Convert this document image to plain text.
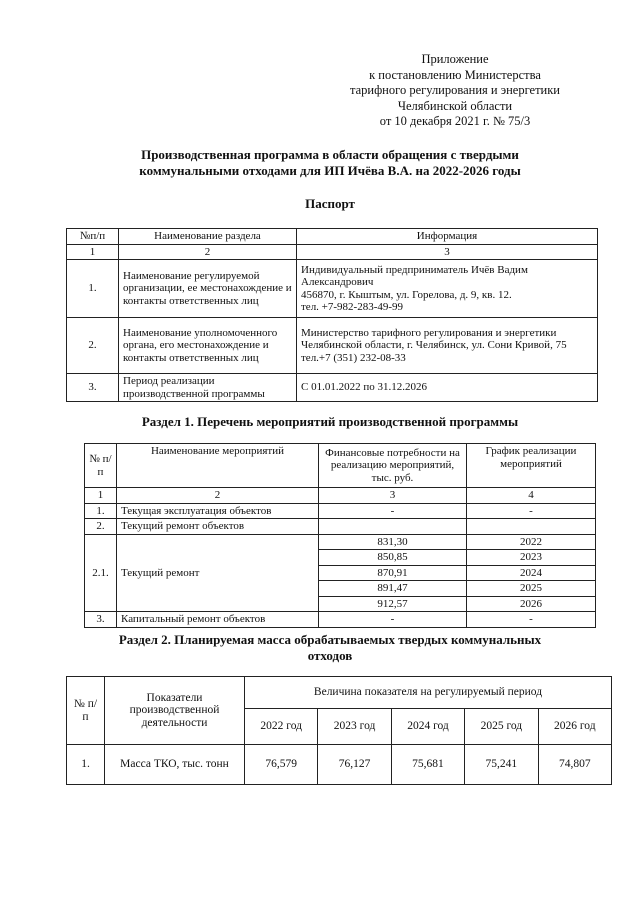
Приложение
к постановлению Министерства
тарифного регулирования и энергетики
Челябинской области
от 10 декабря 2021 г. № 75/3
Производственная программа в области обращения с твердыми
коммунальными отходами для ИП Ичёва В.А. на 2022-2026 годы
Паспорт
№п/п	Наименование раздела	Информация
1	2	3
1.	Наименование регулируемой организации, ее местонахождение и контакты ответственных лиц	Индивидуальный предприниматель Ичёв Вадим
Александрович
456870, г. Кыштым, ул. Горелова, д. 9, кв. 12.
тел. +7-982-283-49-99

2.	Наименование уполномоченного органа, его местонахождение и контакты ответственных лиц	Министерство тарифного регулирования и энергетики
Челябинской области, г. Челябинск, ул. Сони Кривой, 75
тел.+7 (351) 232-08-33

3.	Период реализации производственной программы	С 01.01.2022 по 31.12.2026
Раздел 1. Перечень мероприятий производственной программы
№ п/п	Наименование мероприятий	Финансовые потребности на реализацию мероприятий, тыс. руб.	График реализации мероприятий
1	2	3	4
1.	Текущая эксплуатация объектов	-	-
2.	Текущий ремонт объектов		
2.1.	Текущий ремонт	831,30	2022
		850,85	2023
		870,91	2024
		891,47	2025
		912,57	2026
3.	Капитальный ремонт объектов	-	-
Раздел 2. Планируемая масса обрабатываемых твердых коммунальных
отходов
№ п/п	Показатели производственной деятельности	Величина показателя на регулируемый период				
		2022 год	2023 год	2024 год	2025 год	2026 год
1.	Масса ТКО, тыс. тонн	76,579	76,127	75,681	75,241	74,807
